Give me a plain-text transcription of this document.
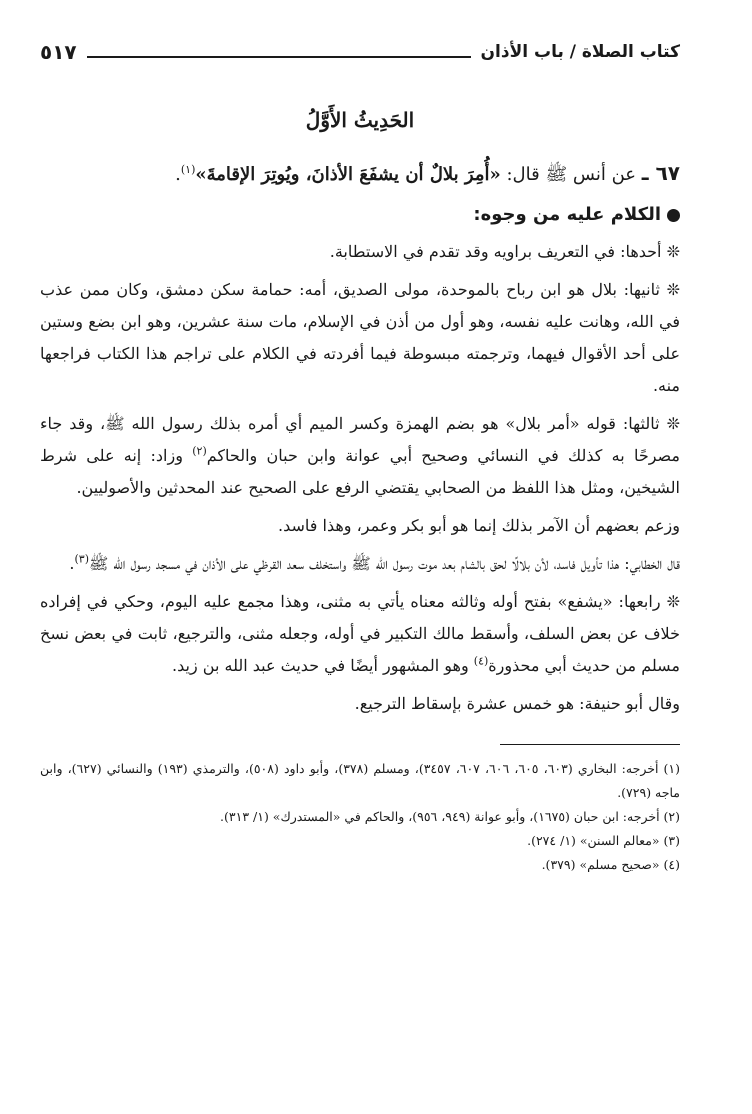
كتاب الصلاة / باب الأذان
٥١٧
الحَدِيثُ الأَوَّلُ

٦٧ ـ عن أنس ﷺ قال: «أُمِرَ بلالٌ أن يشفَعَ الأذانَ، ويُوتِرَ الإقامةَ»$^{(١)}$.

الكلام عليه من وجوه:

❊ أحدها: في التعريف براويه وقد تقدم في الاستطابة.

❊ ثانيها: بلال هو ابن رباح بالموحدة، مولى الصديق، أمه: حمامة سكن دمشق، وكان ممن عذب في الله، وهانت عليه نفسه، وهو أول من أذن في الإسلام، مات سنة عشرين، وهو ابن بضع وستين على أحد الأقوال فيهما، وترجمته مبسوطة فيما أفردته في الكلام على تراجم هذا الكتاب فراجعها منه.

❊ ثالثها: قوله «أمر بلال» هو بضم الهمزة وكسر الميم أي أمره بذلك رسول الله ﷺ، وقد جاء مصرحًا به كذلك في النسائي وصحيح أبي عوانة وابن حبان والحاكم$^{(٢)}$ وزاد: إنه على شرط الشيخين، ومثل هذا اللفظ من الصحابي يقتضي الرفع على الصحيح عند المحدثين والأصوليين.

وزعم بعضهم أن الآمر بذلك إنما هو أبو بكر وعمر، وهذا فاسد.

قال الخطابي: هذا تأويل فاسد، لأن بلالًا لحق بالشام بعد موت رسول الله ﷺ واستخلف سعد القرظي على الأذان في مسجد رسول الله ﷺ$^{(٣)}$.

❊ رابعها: «يشفع» بفتح أوله وثالثه معناه يأتي به مثنى، وهذا مجمع عليه اليوم، وحكي في إفراده خلاف عن بعض السلف، وأسقط مالك التكبير في أوله، وجعله مثنى، والترجيع، ثابت في بعض نسخ مسلم من حديث أبي محذورة$^{(٤)}$ وهو المشهور أيضًا في حديث عبد الله بن زيد.

وقال أبو حنيفة: هو خمس عشرة بإسقاط الترجيع.

(١) أخرجه: البخاري (٦٠٣، ٦٠٥، ٦٠٦، ٦٠٧، ٣٤٥٧)، ومسلم (٣٧٨)، وأبو داود (٥٠٨)، والترمذي (١٩٣) والنسائي (٦٢٧)، وابن ماجه (٧٢٩).

(٢) أخرجه: ابن حبان (١٦٧٥)، وأبو عوانة (٩٤٩، ٩٥٦)، والحاكم في «المستدرك» (١/ ٣١٣).

(٣) «معالم السنن» (١/ ٢٧٤).

(٤) «صحيح مسلم» (٣٧٩).
